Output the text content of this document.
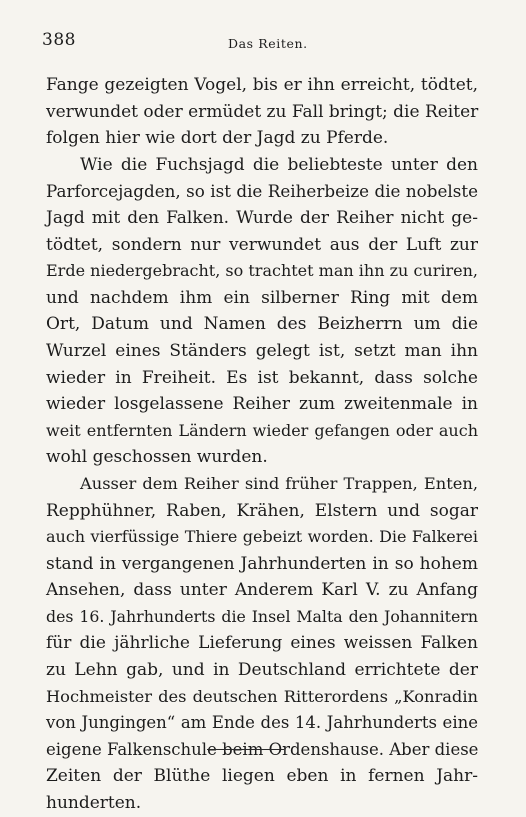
388	Das Reiten.
Fange gezeigten Vogel, bis er ihn erreicht, tödtet,
verwundet oder ermüdet zu Fall bringt; die Reiter
folgen hier wie dort der Jagd zu Pferde.
Wie die Fuchsjagd die beliebteste unter den
Parforcejagden, so ist die Reiherbeize die nobelste
Jagd mit den Falken. Wurde der Reiher nicht ge-
tödtet, sondern nur verwundet aus der Luft zur
Erde niedergebracht, so trachtet man ihn zu curiren,
und nachdem ihm ein silberner Ring mit dem
Ort, Datum und Namen des Beizherrn um die
Wurzel eines Ständers gelegt ist, setzt man ihn
wieder in Freiheit. Es ist bekannt, dass solche
wieder losgelassene Reiher zum zweitenmale in
weit entfernten Ländern wieder gefangen oder auch
wohl geschossen wurden.
Ausser dem Reiher sind früher Trappen, Enten,
Repphühner, Raben, Krähen, Elstern und sogar
auch vierfüssige Thiere gebeizt worden. Die Falkerei
stand in vergangenen Jahrhunderten in so hohem
Ansehen, dass unter Anderem Karl V. zu Anfang
des 16. Jahrhunderts die Insel Malta den Johannitern
für die jährliche Lieferung eines weissen Falken
zu Lehn gab, und in Deutschland errichtete der
Hochmeister des deutschen Ritterordens „Konradin
von Jungingen“ am Ende des 14. Jahrhunderts eine
eigene Falkenschule beim Ordenshause. Aber diese
Zeiten der Blüthe liegen eben in fernen Jahr-
hunderten.
